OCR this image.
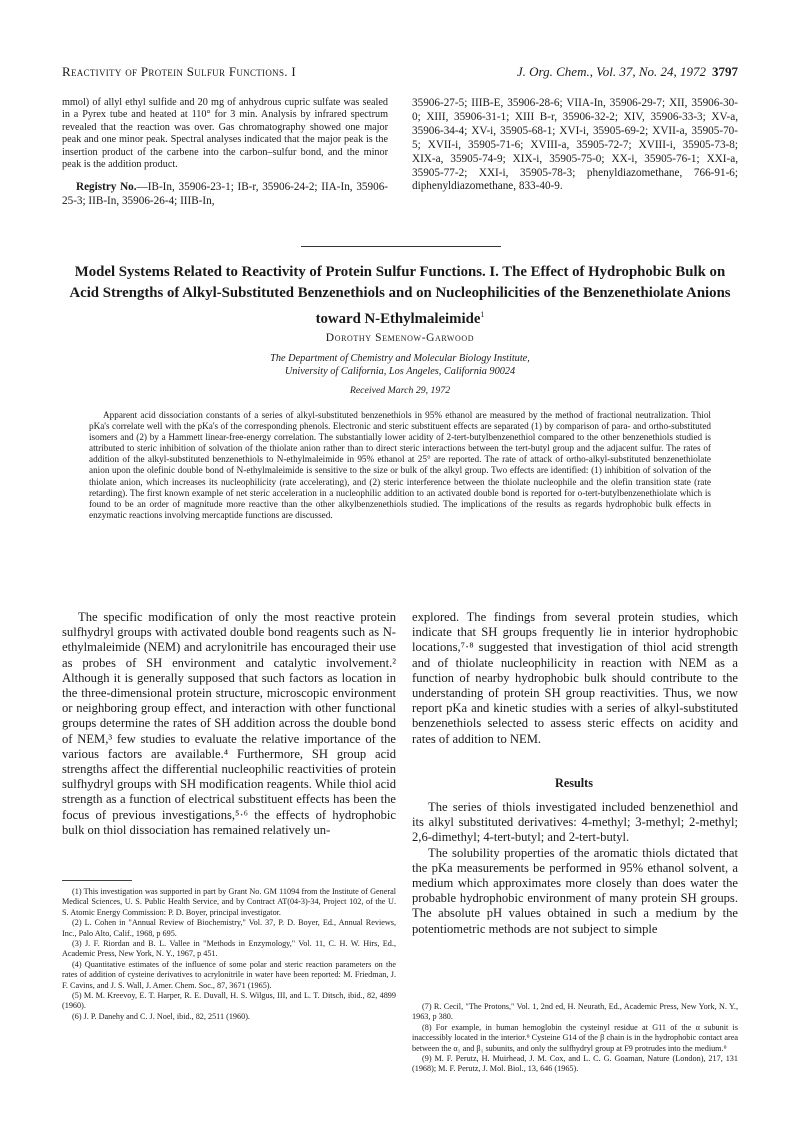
Reactivity of Protein Sulfur Functions. I	J. Org. Chem., Vol. 37, No. 24, 1972 3797
mmol) of allyl ethyl sulfide and 20 mg of anhydrous cupric sulfate was sealed in a Pyrex tube and heated at 110° for 3 min. Analysis by infrared spectrum revealed that the reaction was over. Gas chromatography showed one major peak and one minor peak. Spectral analyses indicated that the major peak is the insertion product of the carbene into the carbon–sulfur bond, and the minor peak is the addition product.
Registry No.—IB-In, 35906-23-1; IB-r, 35906-24-2; IIA-In, 35906-25-3; IIB-In, 35906-26-4; IIIB-In,
35906-27-5; IIIB-E, 35906-28-6; VIIA-In, 35906-29-7; XII, 35906-30-0; XIII, 35906-31-1; XIII B-r, 35906-32-2; XIV, 35906-33-3; XV-a, 35906-34-4; XV-i, 35905-68-1; XVI-i, 35905-69-2; XVII-a, 35905-70-5; XVII-i, 35905-71-6; XVIII-a, 35905-72-7; XVIII-i, 35905-73-8; XIX-a, 35905-74-9; XIX-i, 35905-75-0; XX-i, 35905-76-1; XXI-a, 35905-77-2; XXI-i, 35905-78-3; phenyldiazomethane, 766-91-6; diphenyldiazomethane, 833-40-9.
Model Systems Related to Reactivity of Protein Sulfur Functions. I. The Effect of Hydrophobic Bulk on Acid Strengths of Alkyl-Substituted Benzenethiols and on Nucleophilicities of the Benzenethiolate Anions toward N-Ethylmaleimide$^1$
Dorothy Semenow-Garwood
The Department of Chemistry and Molecular Biology Institute,
University of California, Los Angeles, California 90024
Received March 29, 1972
Apparent acid dissociation constants of a series of alkyl-substituted benzenethiols in 95% ethanol are measured by the method of fractional neutralization. Thiol pKa's correlate well with the pKa's of the corresponding phenols. Electronic and steric substituent effects are separated (1) by comparison of para- and ortho-substituted isomers and (2) by a Hammett linear-free-energy correlation. The substantially lower acidity of 2-tert-butylbenzenethiol compared to the other benzenethiols studied is attributed to steric inhibition of solvation of the thiolate anion rather than to direct steric interactions between the tert-butyl group and the adjacent sulfur. The rates of addition of the alkyl-substituted benzenethiols to N-ethylmaleimide in 95% ethanol at 25° are reported. The rate of attack of ortho-alkyl-substituted benzenethiolate anion upon the olefinic double bond of N-ethylmaleimide is sensitive to the size or bulk of the alkyl group. Two effects are identified: (1) inhibition of solvation of the thiolate anion, which increases its nucleophilicity (rate accelerating), and (2) steric interference between the thiolate nucleophile and the olefin transition state (rate retarding). The first known example of net steric acceleration in a nucleophilic addition to an activated double bond is reported for o-tert-butylbenzenethiolate which is found to be an order of magnitude more reactive than the other alkylbenzenethiols studied. The implications of the results as regards hydrophobic bulk effects in enzymatic reactions involving mercaptide functions are discussed.

The specific modification of only the most reactive protein sulfhydryl groups with activated double bond reagents such as N-ethylmaleimide (NEM) and acrylonitrile has encouraged their use as probes of SH environment and catalytic involvement.² Although it is generally supposed that such factors as location in the three-dimensional protein structure, microscopic environment or neighboring group effect, and interaction with other functional groups determine the rates of SH addition across the double bond of NEM,³ few studies to evaluate the relative importance of the various factors are available.⁴ Furthermore, SH group acid strengths affect the differential nucleophilic reactivities of protein sulfhydryl groups with SH modification reagents. While thiol acid strength as a function of electrical substituent effects has been the focus of previous investigations,⁵·⁶ the effects of hydrophobic bulk on thiol dissociation has remained relatively un-

explored. The findings from several protein studies, which indicate that SH groups frequently lie in interior hydrophobic locations,⁷·⁸ suggested that investigation of thiol acid strength and of thiolate nucleophilicity in reaction with NEM as a function of nearby hydrophobic bulk should contribute to the understanding of protein SH group reactivities. Thus, we now report pKa and kinetic studies with a series of alkyl-substituted benzenethiols selected to assess steric effects on acidity and rates of addition to NEM.

Results

The series of thiols investigated included benzenethiol and its alkyl substituted derivatives: 4-methyl; 3-methyl; 2-methyl; 2,6-dimethyl; 4-tert-butyl; and 2-tert-butyl.

The solubility properties of the aromatic thiols dictated that the pKa measurements be performed in 95% ethanol solvent, a medium which approximates more closely than does water the probable hydrophobic environment of many protein SH groups. The absolute pH values obtained in such a medium by the potentiometric methods are not subject to simple

(1) This investigation was supported in part by Grant No. GM 11094 from the Institute of General Medical Sciences, U. S. Public Health Service, and by Contract AT(04-3)-34, Project 102, of the U. S. Atomic Energy Commission: P. D. Boyer, principal investigator.

(2) L. Cohen in "Annual Review of Biochemistry," Vol. 37, P. D. Boyer, Ed., Annual Reviews, Inc., Palo Alto, Calif., 1968, p 695.

(3) J. F. Riordan and B. L. Vallee in "Methods in Enzymology," Vol. 11, C. H. W. Hirs, Ed., Academic Press, New York, N. Y., 1967, p 451.

(4) Quantitative estimates of the influence of some polar and steric reaction parameters on the rates of addition of cysteine derivatives to acrylonitrile in water have been reported: M. Friedman, J. F. Cavins, and J. S. Wall, J. Amer. Chem. Soc., 87, 3671 (1965).

(5) M. M. Kreevoy, E. T. Harper, R. E. Duvall, H. S. Wilgus, III, and L. T. Ditsch, ibid., 82, 4899 (1960).

(6) J. P. Danehy and C. J. Noel, ibid., 82, 2511 (1960).

(7) R. Cecil, "The Protons," Vol. 1, 2nd ed, H. Neurath, Ed., Academic Press, New York, N. Y., 1963, p 380.

(8) For example, in human hemoglobin the cysteinyl residue at G11 of the α subunit is inaccessibly located in the interior.⁹ Cysteine G14 of the β chain is in the hydrophobic contact area between the α₁ and β₁ subunits, and only the sulfhydryl group at F9 protrudes into the medium.⁹

(9) M. F. Perutz, H. Muirhead, J. M. Cox, and L. C. G. Goaman, Nature (London), 217, 131 (1968); M. F. Perutz, J. Mol. Biol., 13, 646 (1965).
